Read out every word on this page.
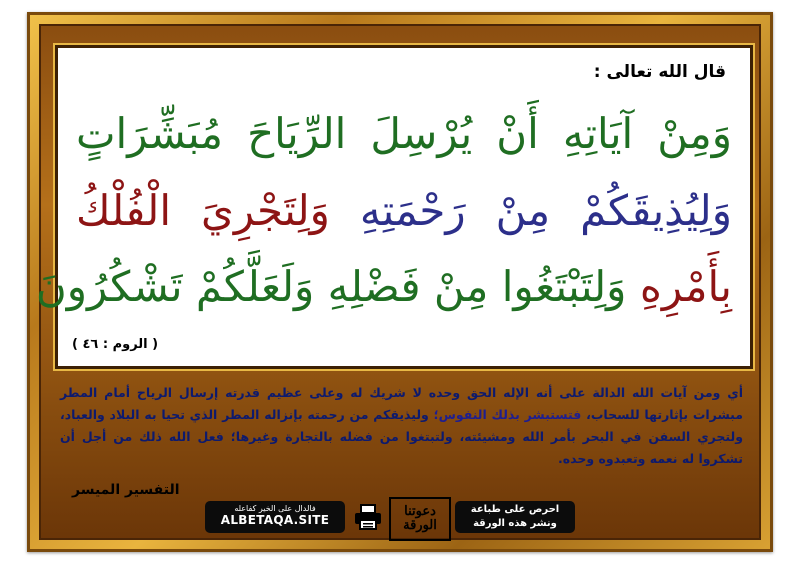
قال الله تعالى :
وَمِنْ آيَاتِهِ أَنْ يُرْسِلَ الرِّيَاحَ مُبَشِّرَاتٍ
وَلِيُذِيقَكُمْ مِنْ رَحْمَتِهِ وَلِتَجْرِيَ الْفُلْكُ
بِأَمْرِهِ وَلِتَبْتَغُوا مِنْ فَضْلِهِ وَلَعَلَّكُمْ تَشْكُرُونَ
( الروم : ٤٦ )
أي ومن آيات الله الدالة على أنه الإله الحق وحده لا شريك له وعلى عظيم قدرته إرسال الرياح أمام المطر مبشرات بإثارتها للسحاب، فتستبشر بذلك النفوس؛ وليذيقكم من رحمته بإنزاله المطر الذي تحيا به البلاد والعباد، ولتجري السفن في البحر بأمر الله ومشيئته، ولتبتغوا من فضله بالتجارة وغيرها؛ فعل الله ذلك من أجل أن تشكروا له نعمه وتعبدوه وحده.
التفسير الميسر
فالدال على الخير كفاعله
ALBETAQA.SITE
دعوتنا
الورقة
احرص على طباعة
ونشر هذه الورقة
